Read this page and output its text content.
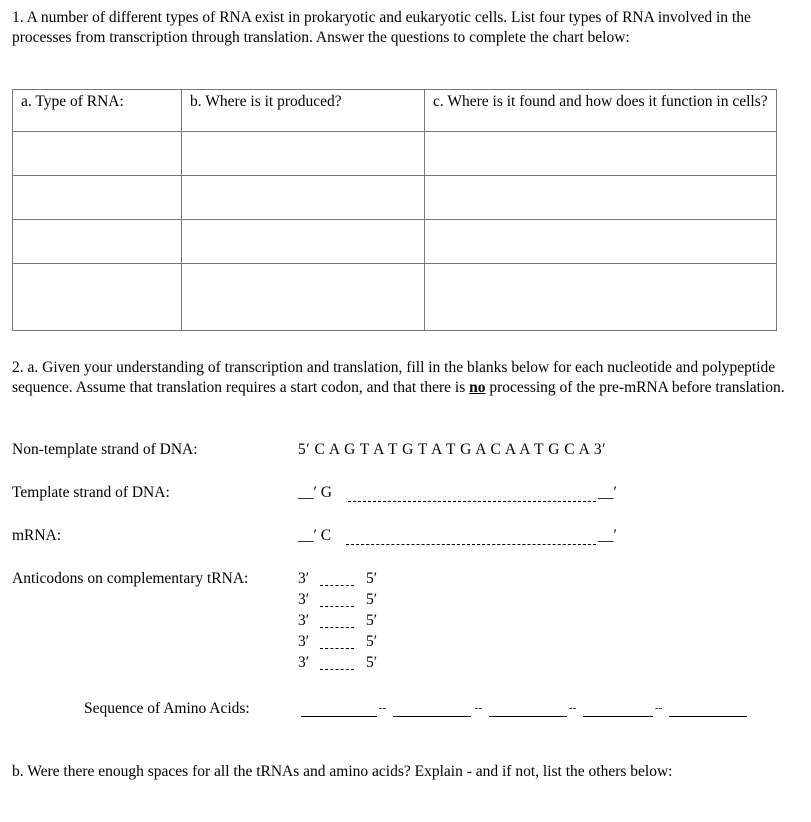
1. A number of different types of RNA exist in prokaryotic and eukaryotic cells. List four types of RNA involved in the processes from transcription through translation. Answer the questions to complete the chart below:
a. Type of RNA:	b. Where is it produced?	c. Where is it found and how does it function in cells?

2. a. Given your understanding of transcription and translation, fill in the blanks below for each nucleotide and polypeptide sequence. Assume that translation requires a start codon, and that there is no processing of the pre-mRNA before translation.
Non-template strand of DNA:	5′ C A G T A T G T A T G A C A A T G C A 3′
Template strand of DNA:	__′ G	__′
mRNA:	__′ C	__′
Anticodons on complementary tRNA:	3′	5′
3′	5′
3′	5′
3′	5′
3′	5′
Sequence of Amino Acids:	--	--	--	--
b. Were there enough spaces for all the tRNAs and amino acids? Explain - and if not, list the others below:
